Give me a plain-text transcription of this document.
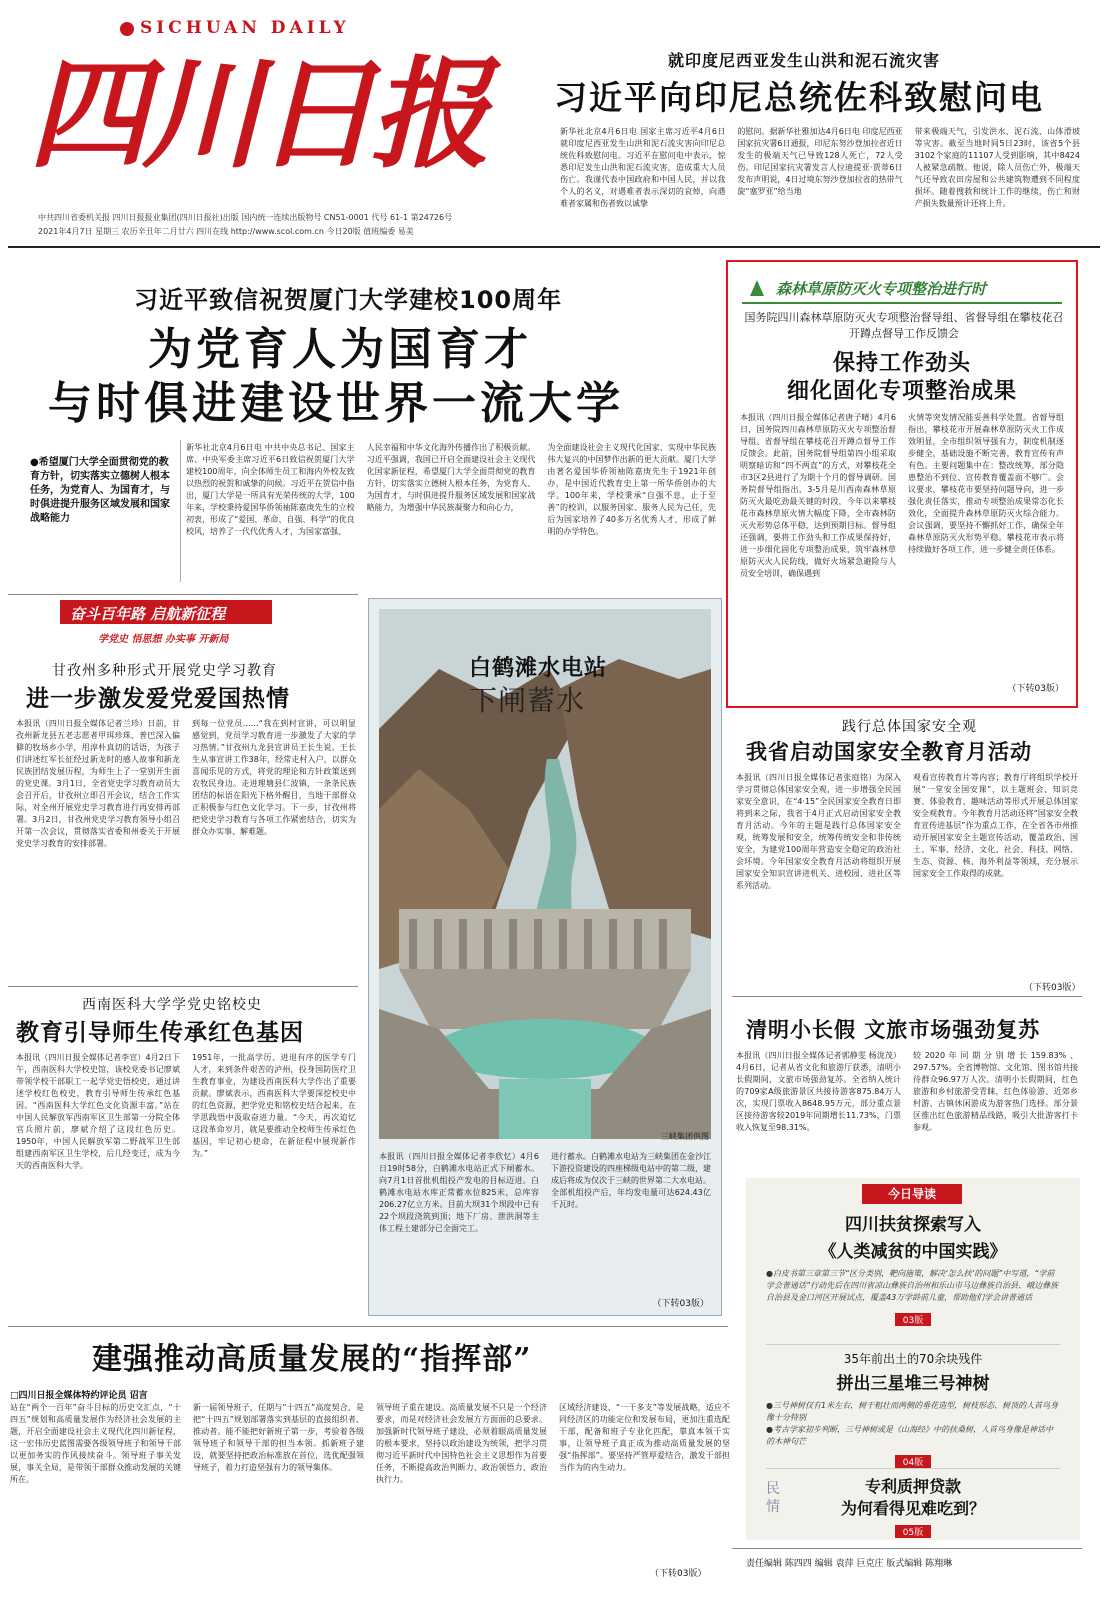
SICHUAN DAILY
四川日报
中共四川省委机关报 四川日报报业集团(四川日报社)出版 国内统一连续出版物号 CN51-0001 代号 61-1 第24726号
2021年4月7日 星期三 农历辛丑年二月廿六 四川在线 http://www.scol.com.cn 今日20版 值班编委 易美
就印度尼西亚发生山洪和泥石流灾害
习近平向印尼总统佐科致慰问电
新华社北京4月6日电 国家主席习近平4月6日就印度尼西亚发生山洪和泥石流灾害向印尼总统佐科致慰问电。习近平在慰问电中表示，惊悉印尼发生山洪和泥石流灾害，造成重大人员伤亡。我谨代表中国政府和中国人民，并以我个人的名义，对遇难者表示深切的哀悼，向遇难者家属和伤者致以诚挚
的慰问。据新华社雅加达4月6日电 印度尼西亚国家抗灾署6日通报，印尼东努沙登加拉省近日发生的极端天气已导致128人死亡，72人受伤。印尼国家抗灾署发言人拉迪提亚·贾蒂6日发布声明说，4日过境东努沙登加拉省的热带气旋“塞罗亚”给当地
带来极端天气，引发洪水、泥石流、山体滑坡等灾害。截至当地时间5日23时，该省5个县3102个家庭的11107人受到影响，其中8424人被紧急疏散。他说，除人员伤亡外，极端天气还导致农田房屋和公共建筑物遭到不同程度损坏。随着搜救和统计工作的继续，伤亡和财产损失数量预计还将上升。
习近平致信祝贺厦门大学建校100周年
为党育人为国育才
与时俱进建设世界一流大学
●希望厦门大学全面贯彻党的教育方针，切实落实立德树人根本任务，为党育人、为国育才，与时俱进提升服务区域发展和国家战略能力
新华社北京4月6日电 中共中央总书记、国家主席、中央军委主席习近平6日致信祝贺厦门大学建校100周年，向全体师生员工和海内外校友致以热烈的祝贺和诚挚的问候。习近平在贺信中指出，厦门大学是一所具有光荣传统的大学，100年来，学校秉持爱国华侨领袖陈嘉庚先生的立校初衷，形成了“爱国、革命、自强、科学”的优良校风，培养了一代代优秀人才，为国家富强、
人民幸福和中华文化海外传播作出了积极贡献。习近平强调，我国已开启全面建设社会主义现代化国家新征程，希望厦门大学全面贯彻党的教育方针，切实落实立德树人根本任务，为党育人、为国育才，与时俱进提升服务区域发展和国家战略能力，为增强中华民族凝聚力和向心力，
为全面建设社会主义现代化国家、实现中华民族伟大复兴的中国梦作出新的更大贡献。厦门大学由著名爱国华侨领袖陈嘉庚先生于1921年创办，是中国近代教育史上第一所华侨创办的大学。100年来，学校秉承“自强不息，止于至善”的校训，以服务国家、服务人民为己任，先后为国家培养了40多万名优秀人才，形成了鲜明的办学特色。
森林草原防灭火专项整治进行时
国务院四川森林草原防灭火专项整治督导组、省督导组在攀枝花召开蹲点督导工作反馈会
保持工作劲头
细化固化专项整治成果
本报讯（四川日报全媒体记者唐子晴）4月6日，国务院四川森林草原防灭火专项整治督导组、省督导组在攀枝花召开蹲点督导工作反馈会。此前，国务院督导组第四小组采取明察暗访和“四不两直”的方式，对攀枝花全市3区2县进行了为期十个月的督导调研。国务院督导组指出，3-5月是川西南森林草原防灭火最吃劲最关键的时段，今年以来攀枝花市森林草原火情大幅度下降，全市森林防灭火形势总体平稳，达到预期目标。督导组还强调，要将工作劲头和工作成果保持好，进一步细化固化专项整治成果，筑牢森林草原防灭火人民防线，做好火场紧急避险与人员安全培训，确保遇到
火情等突发情况能妥善科学处置。省督导组指出，攀枝花市开展森林草原防灭火工作成效明显，全市组织领导强有力，制度机制逐步健全，基础设施不断完善，教育宣传有声有色。主要问题集中在：整改统筹、部分隐患整治不到位、宣传教育覆盖面不够广。会议要求，攀枝花市要坚持问题导向，进一步强化责任落实，推动专项整治成果常态化长效化，全面提升森林草原防灭火综合能力。会议强调，要坚持不懈抓好工作，确保全年森林草原防灭火形势平稳。攀枝花市表示将持续做好各项工作，进一步健全责任体系。
（下转03版）
奋斗百年路 启航新征程
学党史 悟思想 办实事 开新局
甘孜州多种形式开展党史学习教育
进一步激发爱党爱国热情
本报讯（四川日报全媒体记者兰珍）日前，甘孜州新龙县五老志愿者甲珥珍珠、普巴深入偏僻的牧场乡小学，用淳朴真切的话语，为孩子们讲述红军长征经过新龙时的感人故事和新龙民族团结发展历程，为师生上了一堂别开生面的党史课。3月1日，全省党史学习教育动员大会召开后，甘孜州立即召开会议，结合工作实际，对全州开展党史学习教育进行再安排再部署。3月2日，甘孜州党史学习教育领导小组召开第一次会议，贯彻落实省委和州委关于开展党史学习教育的安排部署。
到每一位党员……“我在到村宣讲，可以明显感觉到，党员学习教育进一步激发了大家的学习热情。”甘孜州九龙县宣讲员王长生说。王长生从事宣讲工作38年，经常走村入户，以群众喜闻乐见的方式，将党的理论和方针政策送到农牧民身边。走进理塘县仁波镇，一条条民族团结的标语在阳光下格外醒目，当地干部群众正积极参与红色文化学习。下一步，甘孜州将把党史学习教育与各项工作紧密结合，切实为群众办实事、解难题。
西南医科大学学党史铭校史
教育引导师生传承红色基因
本报讯（四川日报全媒体记者李宣）4月2日下午，西南医科大学校史馆，该校党委书记廖斌带领学校干部职工一起学党史悟校史，通过讲述学校红色校史，教育引导师生传承红色基因。“西南医科大学红色文化资源丰富。”站在中国人民解放军西南军区卫生部第一分院全体官兵照片前，廖斌介绍了这段红色历史。1950年，中国人民解放军第二野战军卫生部组建西南军区卫生学校，后几经变迁，成为今天的西南医科大学。
1951年，一批高学历、进退有序的医学专门人才，来到条件艰苦的泸州，投身国防医疗卫生教育事业，为建设西南医科大学作出了重要贡献。廖斌表示，西南医科大学要深挖校史中的红色资源，把学党史和铭校史结合起来，在学思践悟中汲取奋进力量。“今天，再次追忆这段革命岁月，就是要推动全校师生传承红色基因，牢记初心使命，在新征程中展现新作为。”
白鹤滩水电站
下闸蓄水
三峡集团供图
本报讯（四川日报全媒体记者李欣忆）4月6日19时58分，白鹤滩水电站正式下闸蓄水。向7月1日首批机组投产发电的目标迈进。白鹤滩水电站水库正常蓄水位825米，总库容206.27亿立方米。目前大坝31个坝段中已有22个坝段浇筑到顶；地下厂房、泄洪洞等主体工程土建部分已全面完工。
进行蓄水。白鹤滩水电站为三峡集团在金沙江下游投资建设的四座梯级电站中的第二级，建成后将成为仅次于三峡的世界第二大水电站。全部机组投产后，年均发电量可达624.43亿千瓦时。
（下转03版）
践行总体国家安全观
我省启动国家安全教育月活动
本报讯（四川日报全媒体记者张庭铭）为深入学习贯彻总体国家安全观，进一步增强全民国家安全意识，在“4·15”全民国家安全教育日即将到来之际，我省于4月正式启动国家安全教育月活动。今年的主题是践行总体国家安全观，统筹发展和安全，统筹传统安全和非传统安全，为建党100周年营造安全稳定的政治社会环境。今年国家安全教育月活动将组织开展国家安全知识宣讲进机关、进校园、进社区等系列活动。
观看宣传教育片等内容；教育厅将组织学校开展“一堂安全国安课”，以主题班会、知识竞赛、体验教育、趣味活动等形式开展总体国家安全观教育。今年教育月活动还将“国家安全教育宣传进基层”作为重点工作，在全省各市州推动开展国家安全主题宣传活动，覆盖政治、国土、军事、经济、文化、社会、科技、网络、生态、资源、核、海外利益等领域，充分展示国家安全工作取得的成就。
（下转03版）
清明小长假 文旅市场强劲复苏
本报讯（四川日报全媒体记者郭静雯 杨泷茂）4月6日，记者从省文化和旅游厅获悉，清明小长假期间，文旅市场强劲复苏。全省纳入统计的709家A级旅游景区共接待游客875.84万人次，实现门票收入8648.95万元，部分重点景区接待游客较2019年同期增长11.73%，门票收入恢复至98.31%。
较2020年同期分别增长159.83%、297.57%。全省博物馆、文化馆、图书馆共接待群众96.97万人次。清明小长假期间，红色旅游和乡村旅游受青睐，红色体验游、近郊乡村游、古镇休闲游成为游客热门选择。部分景区推出红色旅游精品线路，吸引大批游客打卡参观。
今日导读
四川扶贫探索写入
《人类减贫的中国实践》
●白皮书第三章第三节“区分类别，靶向施策，解决‘怎么扶’的问题”中写道，“学前学会普通话”行动先后在四川省凉山彝族自治州和乐山市马边彝族自治县、峨边彝族自治县及金口河区开展试点，覆盖43万学龄前儿童，帮助他们学会讲普通话
03版
35年前出土的70余块残件
拼出三星堆三号神树
●三号神树仅有1米左右，树干粗壮而两侧的垂花造型，树枝形态、树顶的人首鸟身像十分特别
●考古学家初步判断，三号神树或是《山海经》中的扶桑树，人首鸟身像是神话中的木神句芒
04版
民情
专利质押贷款
为何看得见难吃到？
05版
建强推动高质量发展的“指挥部”
□四川日报全媒体特约评论员 诏言
站在“两个一百年”奋斗目标的历史交汇点，“十四五”规划和高质量发展作为经济社会发展的主题，开启全面建设社会主义现代化四川新征程，这一宏伟历史蓝图需要各级领导班子和领导干部以更加务实的作风接续奋斗。领导班子事关发展，事关全局，是带领干部群众推动发展的关键所在。
新一届领导班子，任期与“十四五”高度契合，是把“十四五”规划部署落实到基层的直接组织者、推动者。能不能把好新班子第一步，考验着各级领导班子和领导干部的担当本领。抓新班子建设，就要坚持把政治标准放在首位，选优配强领导班子，着力打造坚强有力的领导集体。
领导班子重在建设。高质量发展不只是一个经济要求，而是对经济社会发展方方面面的总要求。加强新时代领导班子建设，必须着眼高质量发展的根本要求，坚持以政治建设为统领，把学习贯彻习近平新时代中国特色社会主义思想作为首要任务，不断提高政治判断力、政治领悟力、政治执行力。
区域经济建设、“一干多支”等发展战略，适应不同经济区的功能定位和发展布局，更加注重选配干部，配备和班子专业化匹配，靠真本领干实事，让领导班子真正成为推动高质量发展的坚强“指挥部”。要坚持严管厚爱结合，激发干部担当作为的内生动力。
（下转03版）
责任编辑 陈四四 编辑 袁萍 巨克庄 版式编辑 陈翔琳
